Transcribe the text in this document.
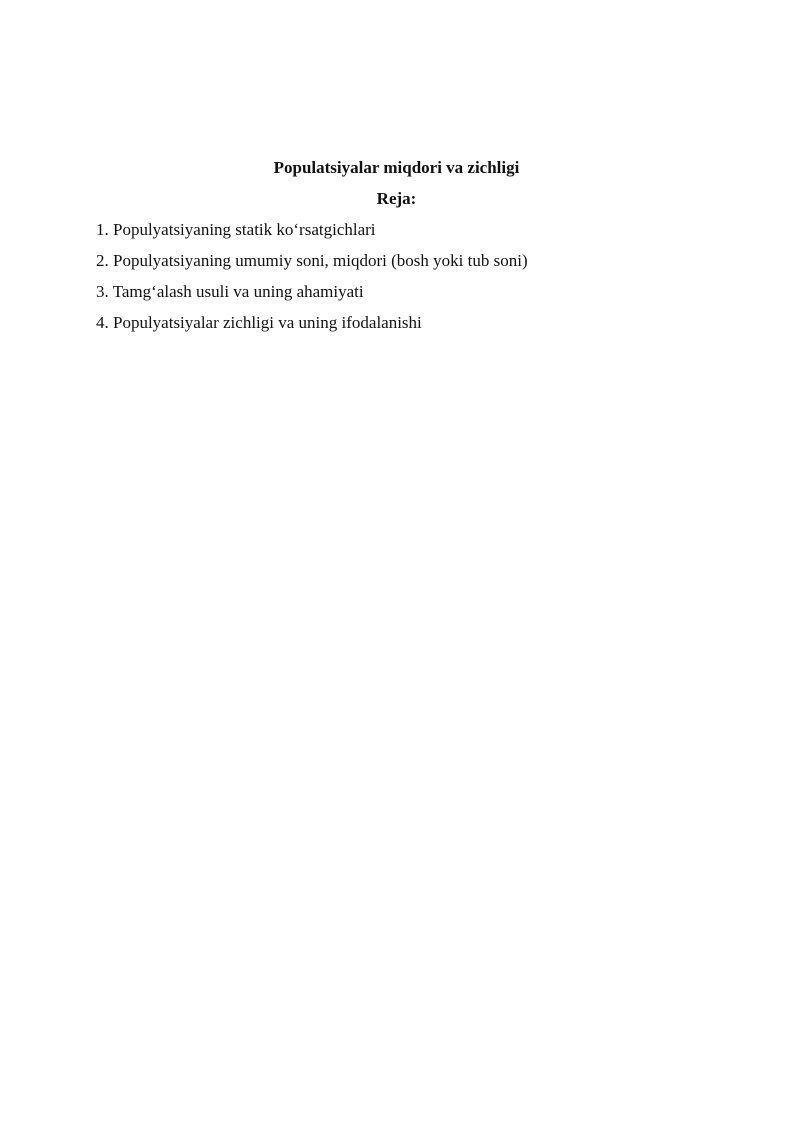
Populatsiyalar miqdori va zichligi
Reja:
1. Populyatsiyaning statik ko‘rsatgichlari
2. Populyatsiyaning umumiy soni, miqdori (bosh yoki tub soni)
3. Tamg‘alash usuli va uning ahamiyati
4. Populyatsiyalar zichligi va uning ifodalanishi
